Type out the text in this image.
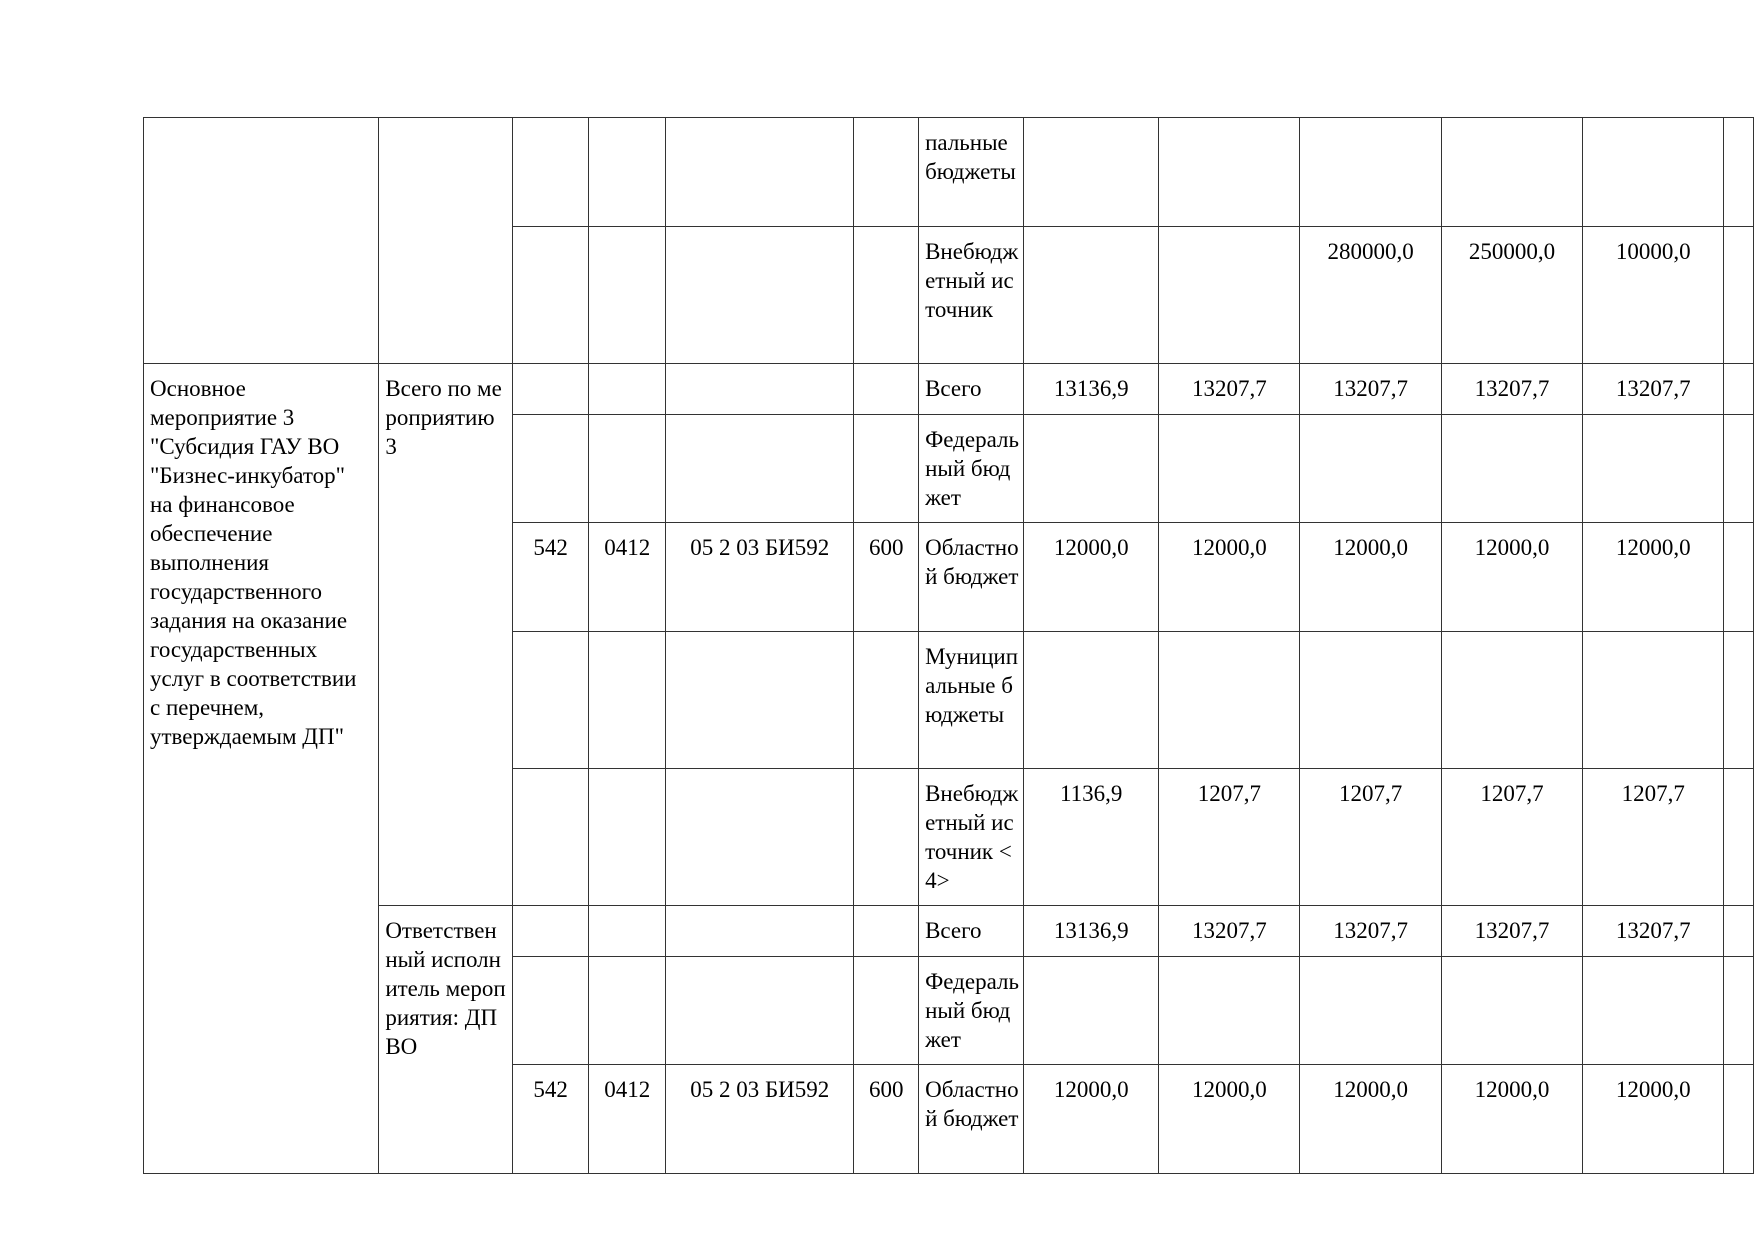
						пальные бюджеты						
						Внебюджетный источник			280000,0	250000,0	10000,0	
Основное мероприятие 3 "Субсидия ГАУ ВО "Бизнес-инкубатор" на финансовое обеспечение выполнения государственного задания на оказание государственных услуг в соответствии с перечнем, утверждаемым ДП"	Всего по мероприятию 3					Всего	13136,9	13207,7	13207,7	13207,7	13207,7	
						Федеральный бюджет						
		542	0412	05 2 03 БИ592	600	Областной бюджет	12000,0	12000,0	12000,0	12000,0	12000,0	
						Муниципальные бюджеты						
						Внебюджетный источник <4>	1136,9	1207,7	1207,7	1207,7	1207,7	
	Ответственный исполнитель мероприятия: ДП ВО					Всего	13136,9	13207,7	13207,7	13207,7	13207,7	
						Федеральный бюджет						
		542	0412	05 2 03 БИ592	600	Областной бюджет	12000,0	12000,0	12000,0	12000,0	12000,0	
